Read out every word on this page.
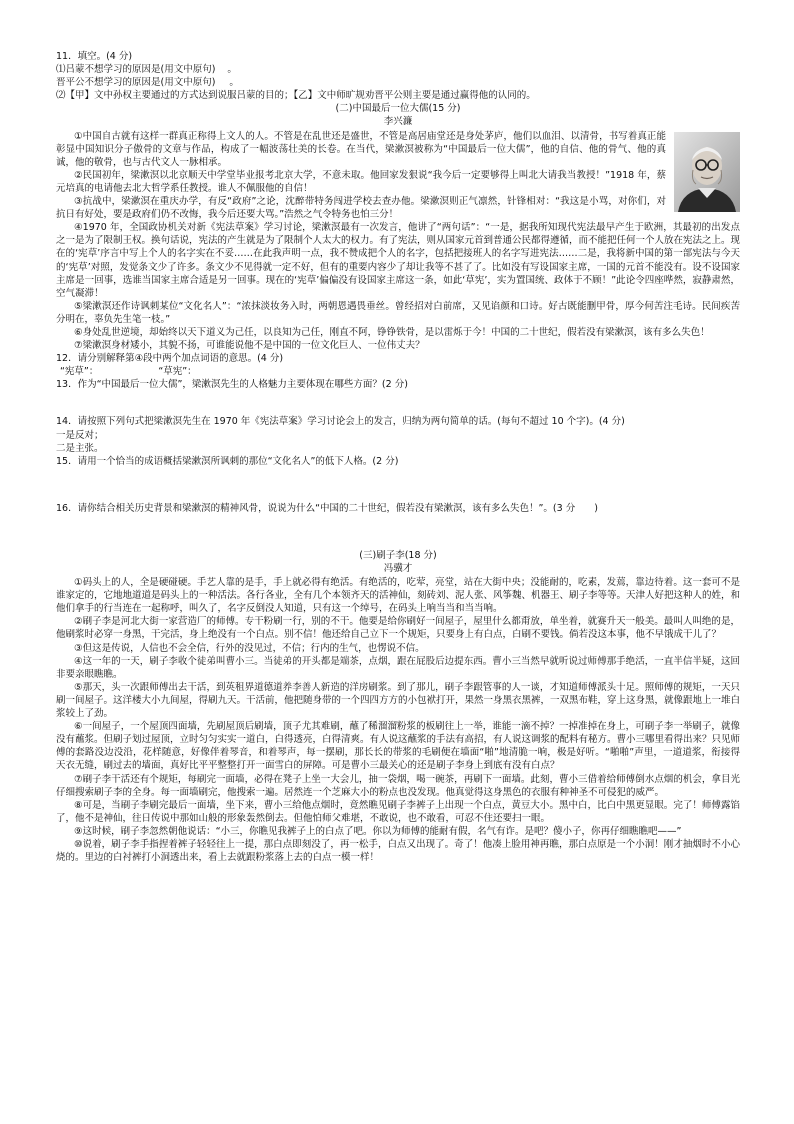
11．填空。(4 分)

⑴吕蒙不想学习的原因是(用文中原句) 。

晋平公不想学习的原因是(用文中原句) 。

⑵【甲】文中孙权主要通过的方式达到说服吕蒙的目的；【乙】文中师旷规劝晋平公则主要是通过赢得他的认同的。

(二)中国最后一位大儒(15 分)

李兴濂

①中国自古就有这样一群真正称得上文人的人。不管是在乱世还是盛世，不管是高居庙堂还是身处茅庐，他们以血泪、以清骨，书写着真正能彰显中国知识分子傲骨的文章与作品，构成了一幅波荡壮美的长卷。在当代，梁漱溟被称为“中国最后一位大儒”，他的自信、他的骨气、他的真诚，他的敬骨，也与古代文人一脉相承。

②民国初年，梁漱溟以北京顺天中学堂毕业报考北京大学，不意未取。他回家发狠说“我今后一定要够得上叫北大请我当教授！”1918 年，蔡元培真的电请他去北大哲学系任教授。谁人不佩服他的自信！

③抗战中，梁漱溟在重庆办学，有反“政府”之论，沈醉带特务闯进学校去查办他。梁漱溟则正气凛然，针锋相对：“我这是小骂，对你们，对抗日有好处，要是政府们仍不改悔，我今后还要大骂。”浩然之气令特务也怕三分！

④1970 年，全国政协机关对新《宪法草案》学习讨论，梁漱溟最有一次发言，他讲了“两句话”：“一是，据我所知现代宪法最早产生于欧洲，其最初的出发点之一是为了限制王权。换句话说，宪法的产生就是为了限制个人太大的权力。有了宪法，则从国家元首到普通公民都得遵循，而不能把任何一个人放在宪法之上。现在的‘宪草’序言中写上个人的名字实在不妥……在此我声明一点，我不赞成把个人的名字，包括把接班人的名字写进宪法……二是，我将新中国的第一部宪法与今天的‘宪草’对照，发觉条文少了许多。条文少不见得就一定不好，但有的重要内容少了却让我等不甚了了。比如没有写设国家主席，一国的元首不能没有。设不设国家主席是一回事，选谁当国家主席合适是另一回事。现在的‘宪草’偏偏没有设国家主席这一条，如此‘草宪’，实为置国统、政体于不顾！”此论令四座哗然，寂静肃然，空气凝滞！

⑤梁漱溟还作诗讽刺某位“文化名人”：“浓抹淡妆务入时，两朝恩遇畏垂丝。曾经招对白前席，又见谄颜和口诗。好古既能删甲骨，厚今何苦注毛诗。民间疾苦分明在，辜负先生笔一枝。”

⑥身处乱世逆境，却始终以天下道义为己任，以良知为己任，刚直不阿，铮铮铁骨，是以雷烁于今！中国的二十世纪，假若没有梁漱溟，该有多么失色！

⑦梁漱溟身材矮小，其貌不扬，可谁能说他不是中国的一位文化巨人、一位伟丈夫？

12．请分别解释第④段中两个加点词语的意思。(4 分)

“宪草”：	“草宪”：

13．作为“中国最后一位大儒”，梁漱溟先生的人格魅力主要体现在哪些方面？(2 分)

14．请按照下列句式把梁漱溟先生在 1970 年《宪法草案》学习讨论会上的发言，归纳为两句简单的话。(每句不超过 10 个字)。(4 分)

一是反对；

二是主张。

15．请用一个恰当的成语概括梁漱溟所讽刺的那位“文化名人”的低下人格。(2 分)

16．请你结合相关历史背景和梁漱溟的精神风骨，说说为什么“中国的二十世纪，假若没有梁漱溟，该有多么失色！”。(3 分　　)

(三)刷子李(18 分)

冯骥才

①码头上的人，全是硬碰硬。手艺人靠的是手，手上就必得有绝活。有绝活的，吃荤，亮堂，站在大街中央；没能耐的，吃素，发蔫，靠边待着。这一套可不是谁家定的，它地地道道是码头上的一种活法。各行各业，全有几个本领齐天的活神仙，刻砖刘、泥人张、风筝魏、机器王、刷子李等等。天津人好把这种人的姓，和他们拿手的行当连在一起称呼，叫久了，名字反倒没人知道，只有这一个绰号，在码头上响当当和当当响。

②刷子李是河北大街一家营造厂的师傅。专干粉刷一行，别的不干。他要是给你刷好一间屋子，屋里什么都甭放，单坐着，就赛升天一般美。最叫人叫绝的是，他刷浆时必穿一身黑，干完活，身上绝没有一个白点。别不信！他还给自己立下一个规矩，只要身上有白点，白刷不要钱。倘若没这本事，他不早饿成干儿了？

③但这是传说，人信也不会全信，行外的没见过，不信；行内的生气，也愣说不信。

④这一年的一天，刷子李收个徒弟叫曹小三。当徒弟的开头都是端茶，点烟，跟在屁股后边提东西。曹小三当然早就听说过师傅那手绝活，一直半信半疑，这回非要亲眼瞧瞧。

⑤那天，头一次跟师傅出去干活，到英租界道德道养李善人新造的洋房刷浆。到了那儿，刷子李跟管事的人一谈，才知道师傅派头十足。照师傅的规矩，一天只刷一间屋子。这洋楼大小九间屋，得刷九天。干活前，他把随身带的一个四四方方的小包袱打开，果然一身黑衣黑裤，一双黑布鞋，穿上这身黑，就像跟地上一堆白浆较上了劲。

⑥一间屋子，一个屋顶四面墙，先刷屋顶后刷墙，顶子尤其难刷，蘸了稀溜溜粉浆的板刷往上一举，谁能一滴不掉？一掉准掉在身上，可刷子李一举刷子，就像没有蘸浆。但刷子划过屋顶，立时匀匀实实一道白，白得透亮，白得清爽。有人说这蘸浆的手法有高招，有人说这调浆的配料有秘方。曹小三哪里看得出来？只见师傅的套路没边没沿，花样随意，好像伴着琴音，和着琴声，每一摆刷，那长长的带浆的毛刷便在墙面“啪”地清脆一响，极是好听。“啪啪”声里，一道道浆，衔接得天衣无缝，刷过去的墙面，真好比平平整整打开一面雪白的屏障。可是曹小三最关心的还是刷子李身上到底有没有白点？

⑦刷子李干活还有个规矩，每刷完一面墙，必得在凳子上坐一大会儿，抽一袋烟，喝一碗茶，再刷下一面墙。此刻，曹小三借着给师傅倒水点烟的机会，拿目光仔细搜索刷子李的全身。每一面墙刷完，他搜索一遍。居然连一个芝麻大小的粉点也没发现。他真觉得这身黑色的衣服有种神圣不可侵犯的威严。

⑧可是，当刷子李刷完最后一面墙，坐下来，曹小三给他点烟时，竟然瞧见刷子李裤子上出现一个白点，黄豆大小。黑中白，比白中黑更显眼。完了！师傅露馅了，他不是神仙，往日传说中那如山般的形象轰然倒去。但他怕师父难堪，不敢说，也不敢看，可忍不住还要扫一眼。

⑨这时候，刷子李忽然朝他说话：“小三，你瞧见我裤子上的白点了吧。你以为师傅的能耐有假，名气有诈。是吧？傻小子，你再仔细瞧瞧吧——”

⑩说着，刷子李手指捏着裤子轻轻往上一提，那白点即刻没了，再一松手，白点又出现了。奇了！他凑上脸用神再瞧，那白点原是一个小洞！刚才抽烟时不小心烧的。里边的白衬裤打小洞透出来，看上去就跟粉浆落上去的白点一模一样！
